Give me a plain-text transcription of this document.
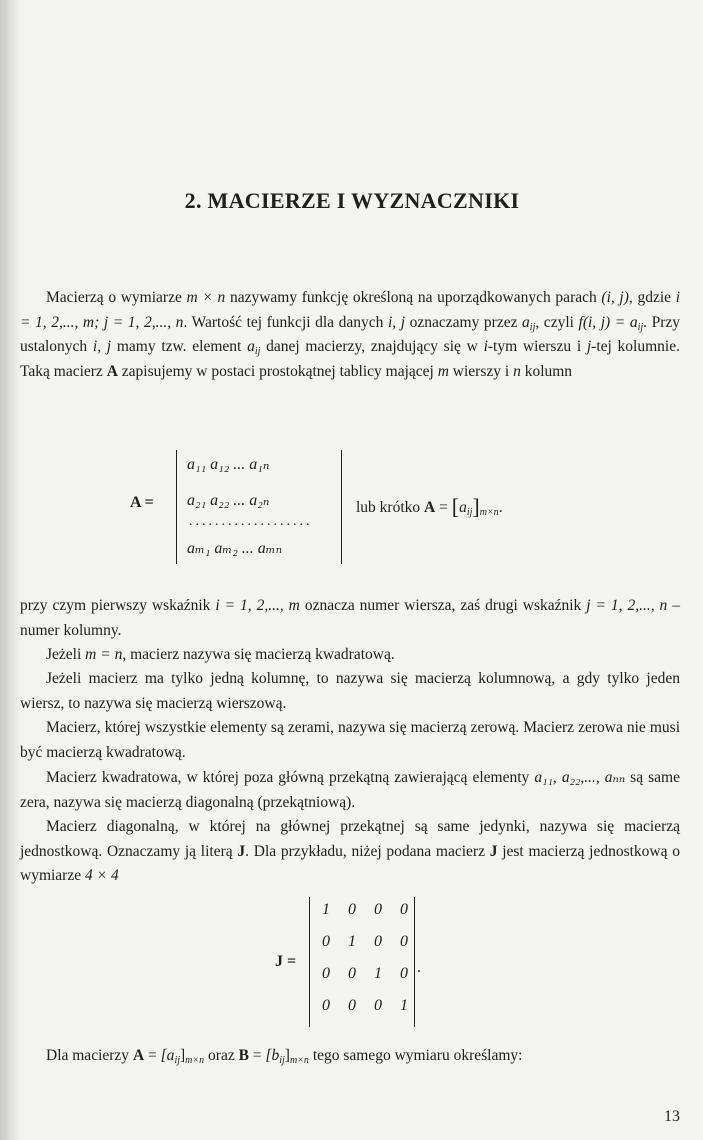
2. MACIERZE I WYZNACZNIKI

Macierzą o wymiarze m × n nazywamy funkcję określoną na uporządkowanych parach (i, j), gdzie i = 1, 2,..., m; j = 1, 2,..., n. Wartość tej funkcji dla danych i, j oznaczamy przez $a_{ij}$, czyli f(i, $j) = a_{ij}$. Przy ustalonych i, j mamy tzw. element $a_{ij}$ danej macierzy, znajdujący się w i-tym wierszu i j-tej kolumnie. Taką macierz A zapisujemy w postaci prostokątnej tablicy mającej m wierszy i n kolumn

A =
a₁₁ a₁₂ ... a₁ₙ
a₂₁ a₂₂ ... a₂ₙ
...................
aₘ₁ aₘ₂ ... aₘₙ
lub krótko $A = [a_{ij}]_{m\times n}$.

przy czym pierwszy wskaźnik i = 1, 2,..., m oznacza numer wiersza, zaś drugi wskaźnik j = 1, 2,..., n – numer kolumny.

Jeżeli m = n, macierz nazywa się macierzą kwadratową.

Jeżeli macierz ma tylko jedną kolumnę, to nazywa się macierzą kolumnową, a gdy tylko jeden wiersz, to nazywa się macierzą wierszową.

Macierz, której wszystkie elementy są zerami, nazywa się macierzą zerową. Macierz zerowa nie musi być macierzą kwadratową.

Macierz kwadratowa, w której poza główną przekątną zawierającą elementy a₁₁, a₂₂,..., aₙₙ są same zera, nazywa się macierzą diagonalną (przekątniową).

Macierz diagonalną, w której na głównej przekątnej są same jedynki, nazywa się macierzą jednostkową. Oznaczamy ją literą J. Dla przykładu, niżej podana macierz J jest macierzą jednostkową o wymiarze 4 × 4

J =
1 0 0 0
0 1 0 0
0 0 1 0
0 0 0 1
.

Dla macierzy $A = [a_{ij}]_{m\times n}$ oraz $B = [b_{ij}]_{m\times n}$ tego samego wymiaru określamy:

13
